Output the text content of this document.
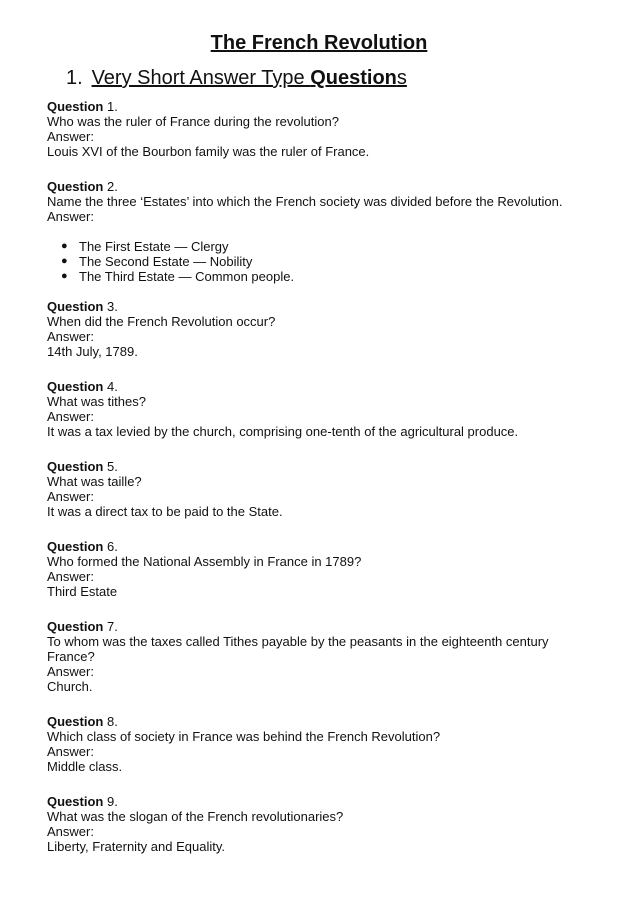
The French Revolution
1. Very Short Answer Type Questions
Question 1.
Who was the ruler of France during the revolution?
Answer:
Louis XVI of the Bourbon family was the ruler of France.
Question 2.
Name the three ‘Estates’ into which the French society was divided before the Revolution.
Answer:
● The First Estate — Clergy
● The Second Estate — Nobility
● The Third Estate — Common people.
Question 3.
When did the French Revolution occur?
Answer:
14th July, 1789.
Question 4.
What was tithes?
Answer:
It was a tax levied by the church, comprising one-tenth of the agricultural produce.
Question 5.
What was taille?
Answer:
It was a direct tax to be paid to the State.
Question 6.
Who formed the National Assembly in France in 1789?
Answer:
Third Estate
Question 7.
To whom was the taxes called Tithes payable by the peasants in the eighteenth century
France?
Answer:
Church.
Question 8.
Which class of society in France was behind the French Revolution?
Answer:
Middle class.
Question 9.
What was the slogan of the French revolutionaries?
Answer:
Liberty, Fraternity and Equality.
